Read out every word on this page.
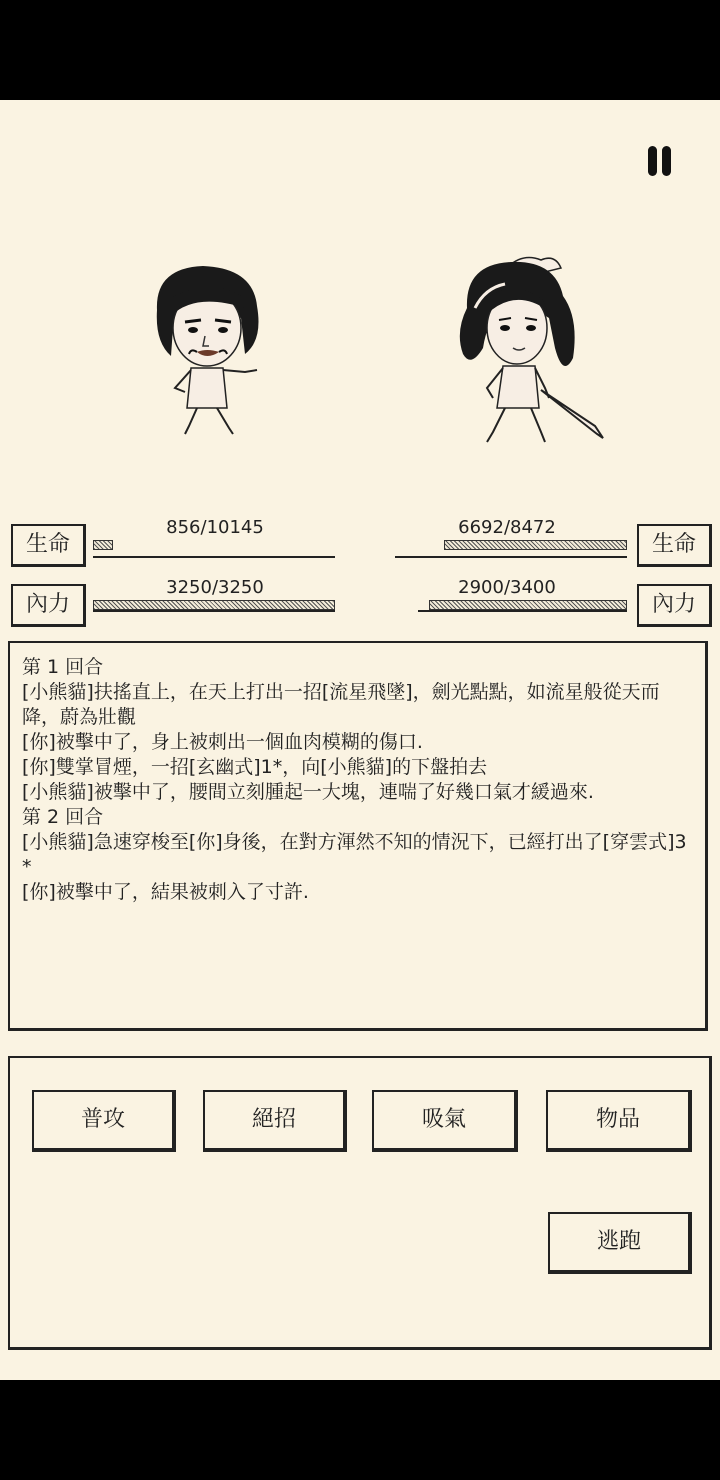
生命
856/10145
內力
3250/3250
生命
6692/8472
內力
2900/3400
第 1 回合
[小熊貓]扶搖直上，在天上打出一招[流星飛墜]，劍光點點，如流星般從天而降，蔚為壯觀
[你]被擊中了，身上被刺出一個血肉模糊的傷口.
[你]雙掌冒煙，一招[玄幽式]1*，向[小熊貓]的下盤拍去
[小熊貓]被擊中了，腰間立刻腫起一大塊，連喘了好幾口氣才緩過來.
第 2 回合
[小熊貓]急速穿梭至[你]身後，在對方渾然不知的情況下，已經打出了[穿雲式]3*
[你]被擊中了，結果被刺入了寸許.
普攻	絕招	吸氣	物品
逃跑
